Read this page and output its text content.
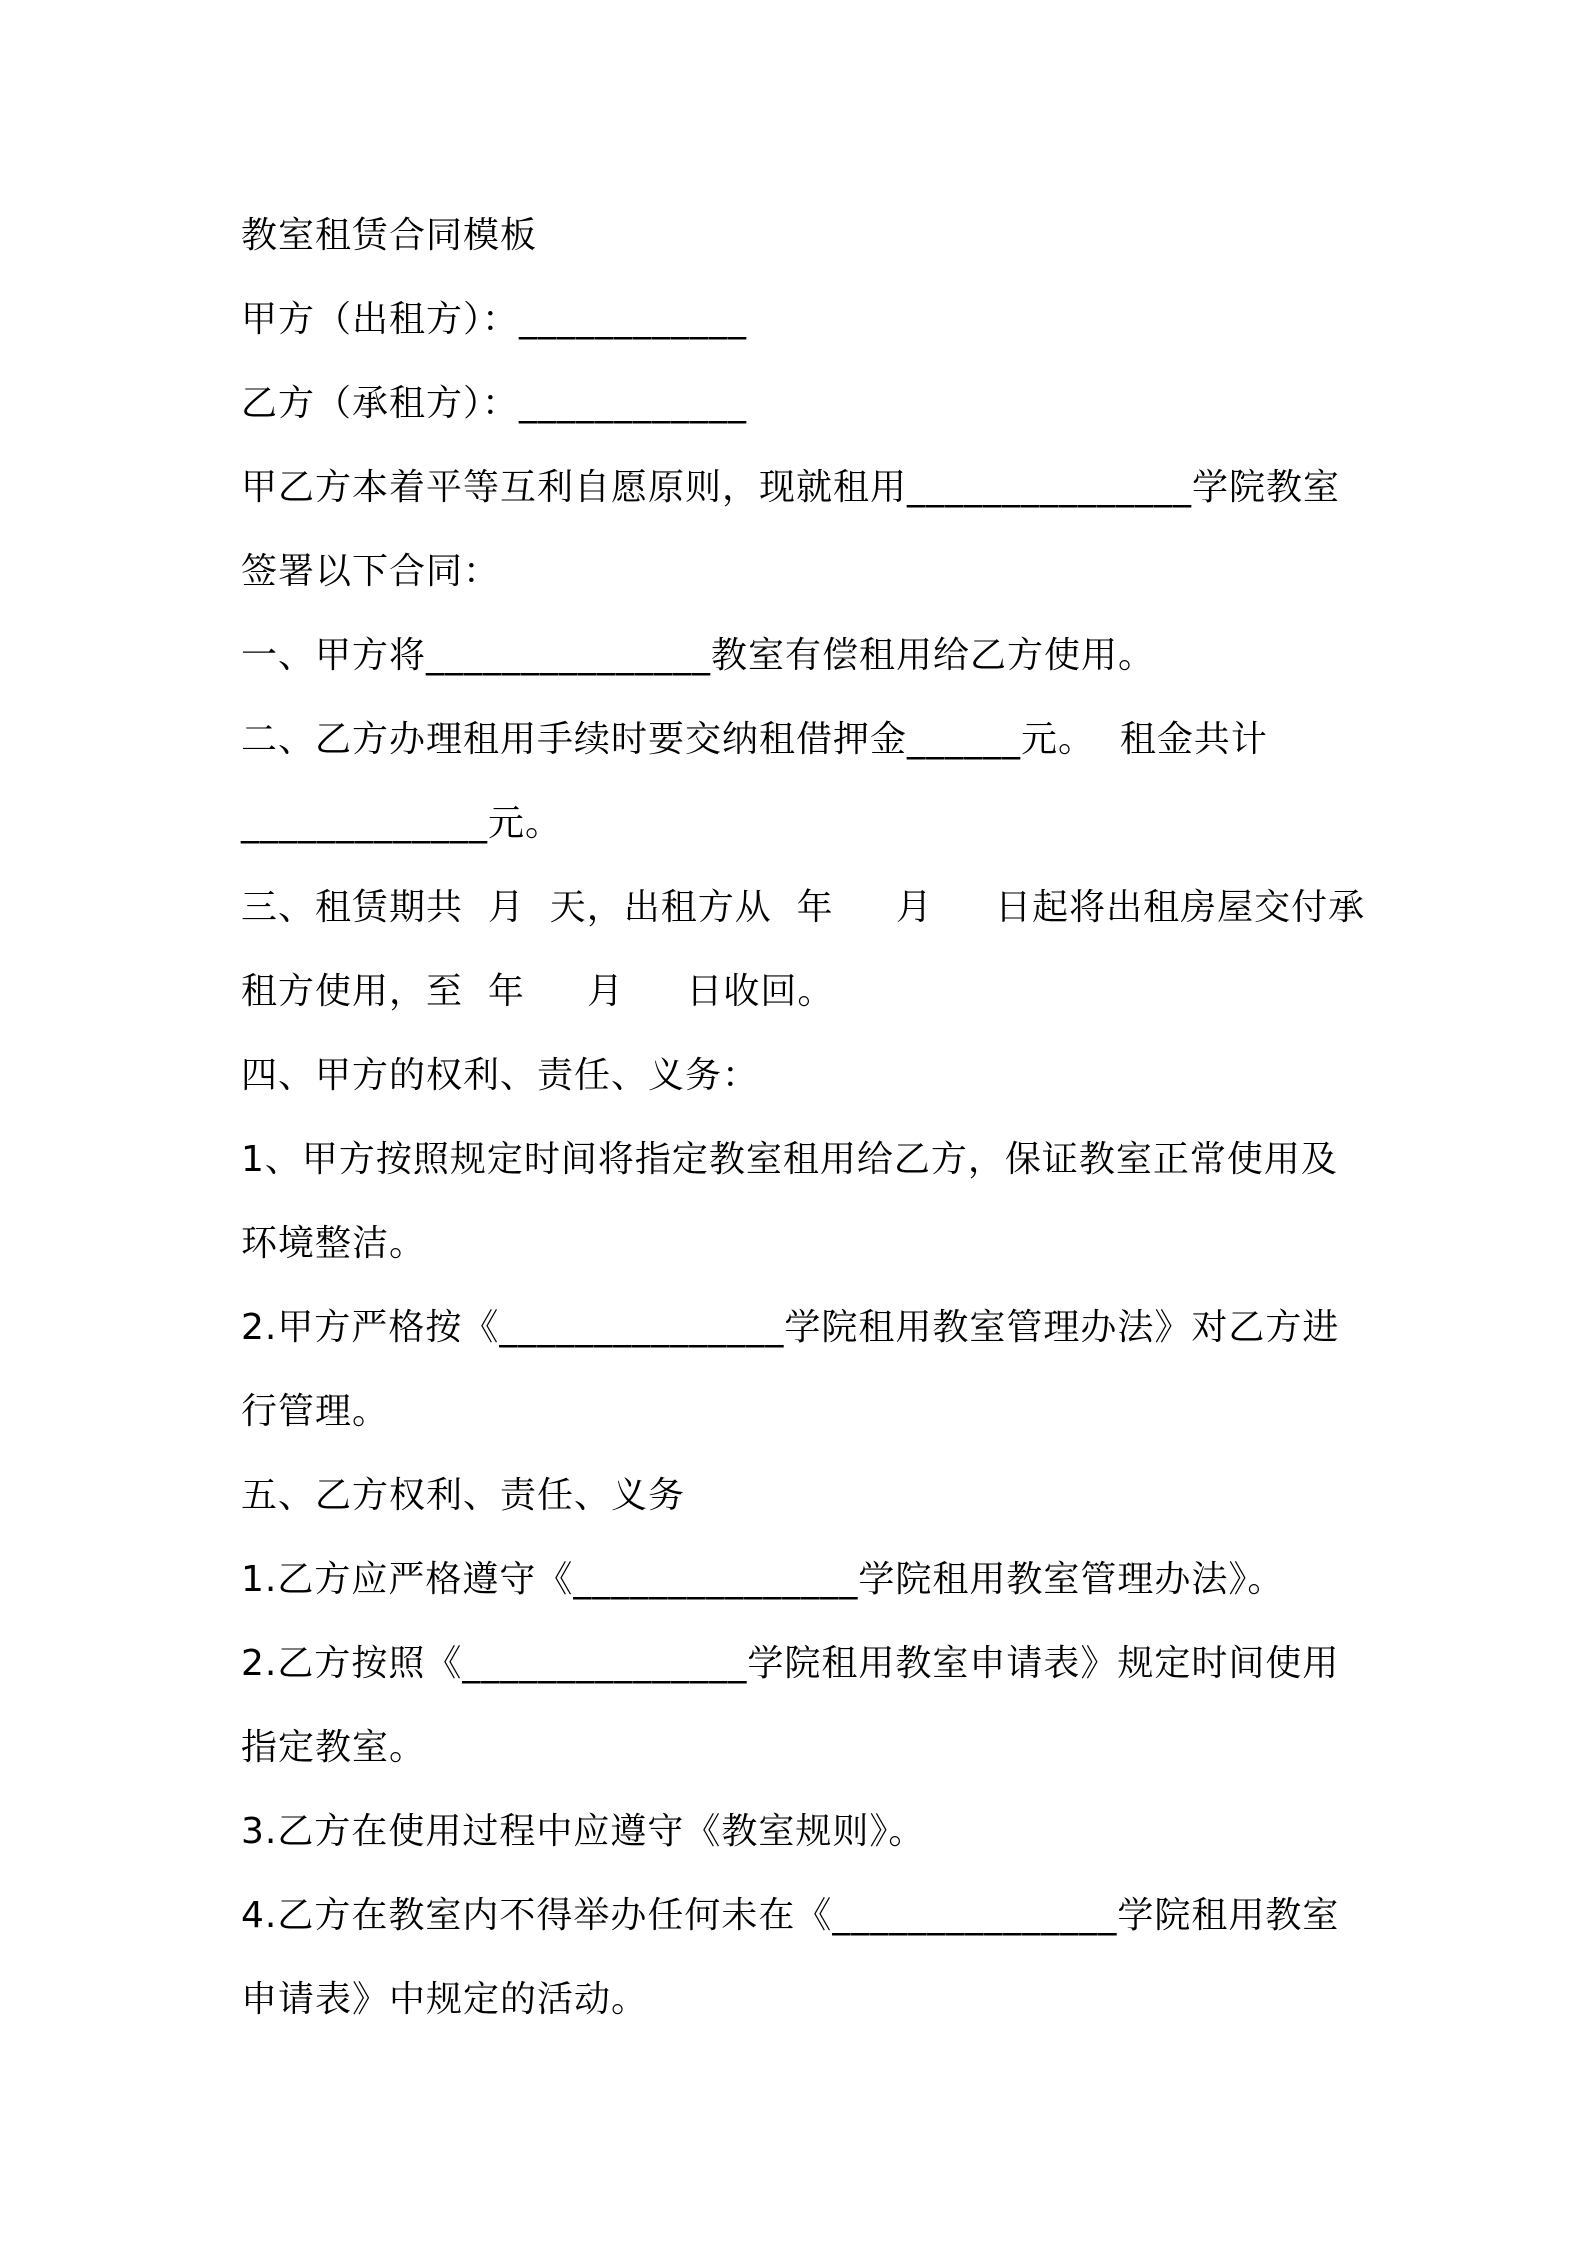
教室租赁合同模板

甲方（出租方）：____________

乙方（承租方）：____________

甲乙方本着平等互利自愿原则，现就租用_______________学院教室

签署以下合同：

一、甲方将_______________教室有偿租用给乙方使用。

二、乙方办理租用手续时要交纳租借押金______元。  租金共计

_____________元。

三、租赁期共  月  天，出租方从  年     月     日起将出租房屋交付承

租方使用，至  年     月     日收回。

四、甲方的权利、责任、义务：

1、甲方按照规定时间将指定教室租用给乙方，保证教室正常使用及

环境整洁。

2.甲方严格按《_______________学院租用教室管理办法》对乙方进

行管理。

五、乙方权利、责任、义务

1.乙方应严格遵守《_______________学院租用教室管理办法》。

2.乙方按照《_______________学院租用教室申请表》规定时间使用

指定教室。

3.乙方在使用过程中应遵守《教室规则》。

4.乙方在教室内不得举办任何未在《_______________学院租用教室

申请表》中规定的活动。
